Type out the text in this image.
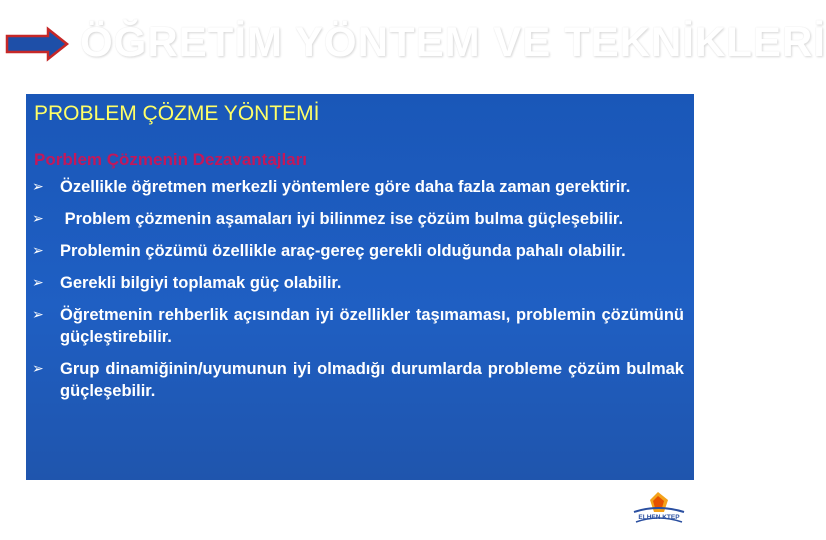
ÖĞRETİM YÖNTEM VE TEKNİKLERİ
PROBLEM ÇÖZME YÖNTEMİ
Porblem Çözmenin Dezavantajları
➢ Özellikle öğretmen merkezli yöntemlere göre daha fazla zaman gerektirir.
➢ Problem çözmenin aşamaları iyi bilinmez ise çözüm bulma güçleşebilir.
➢ Problemin çözümü özellikle araç-gereç gerekli olduğunda pahalı olabilir.
➢ Gerekli bilgiyi toplamak güç olabilir.
➢ Öğretmenin rehberlik açısından iyi özellikler taşımaması, problemin çözümünü güçleştirebilir.
➢ Grup dinamiğinin/uyumunun iyi olmadığı durumlarda probleme çözüm bulmak güçleşebilir.
ELHEN KTEP
